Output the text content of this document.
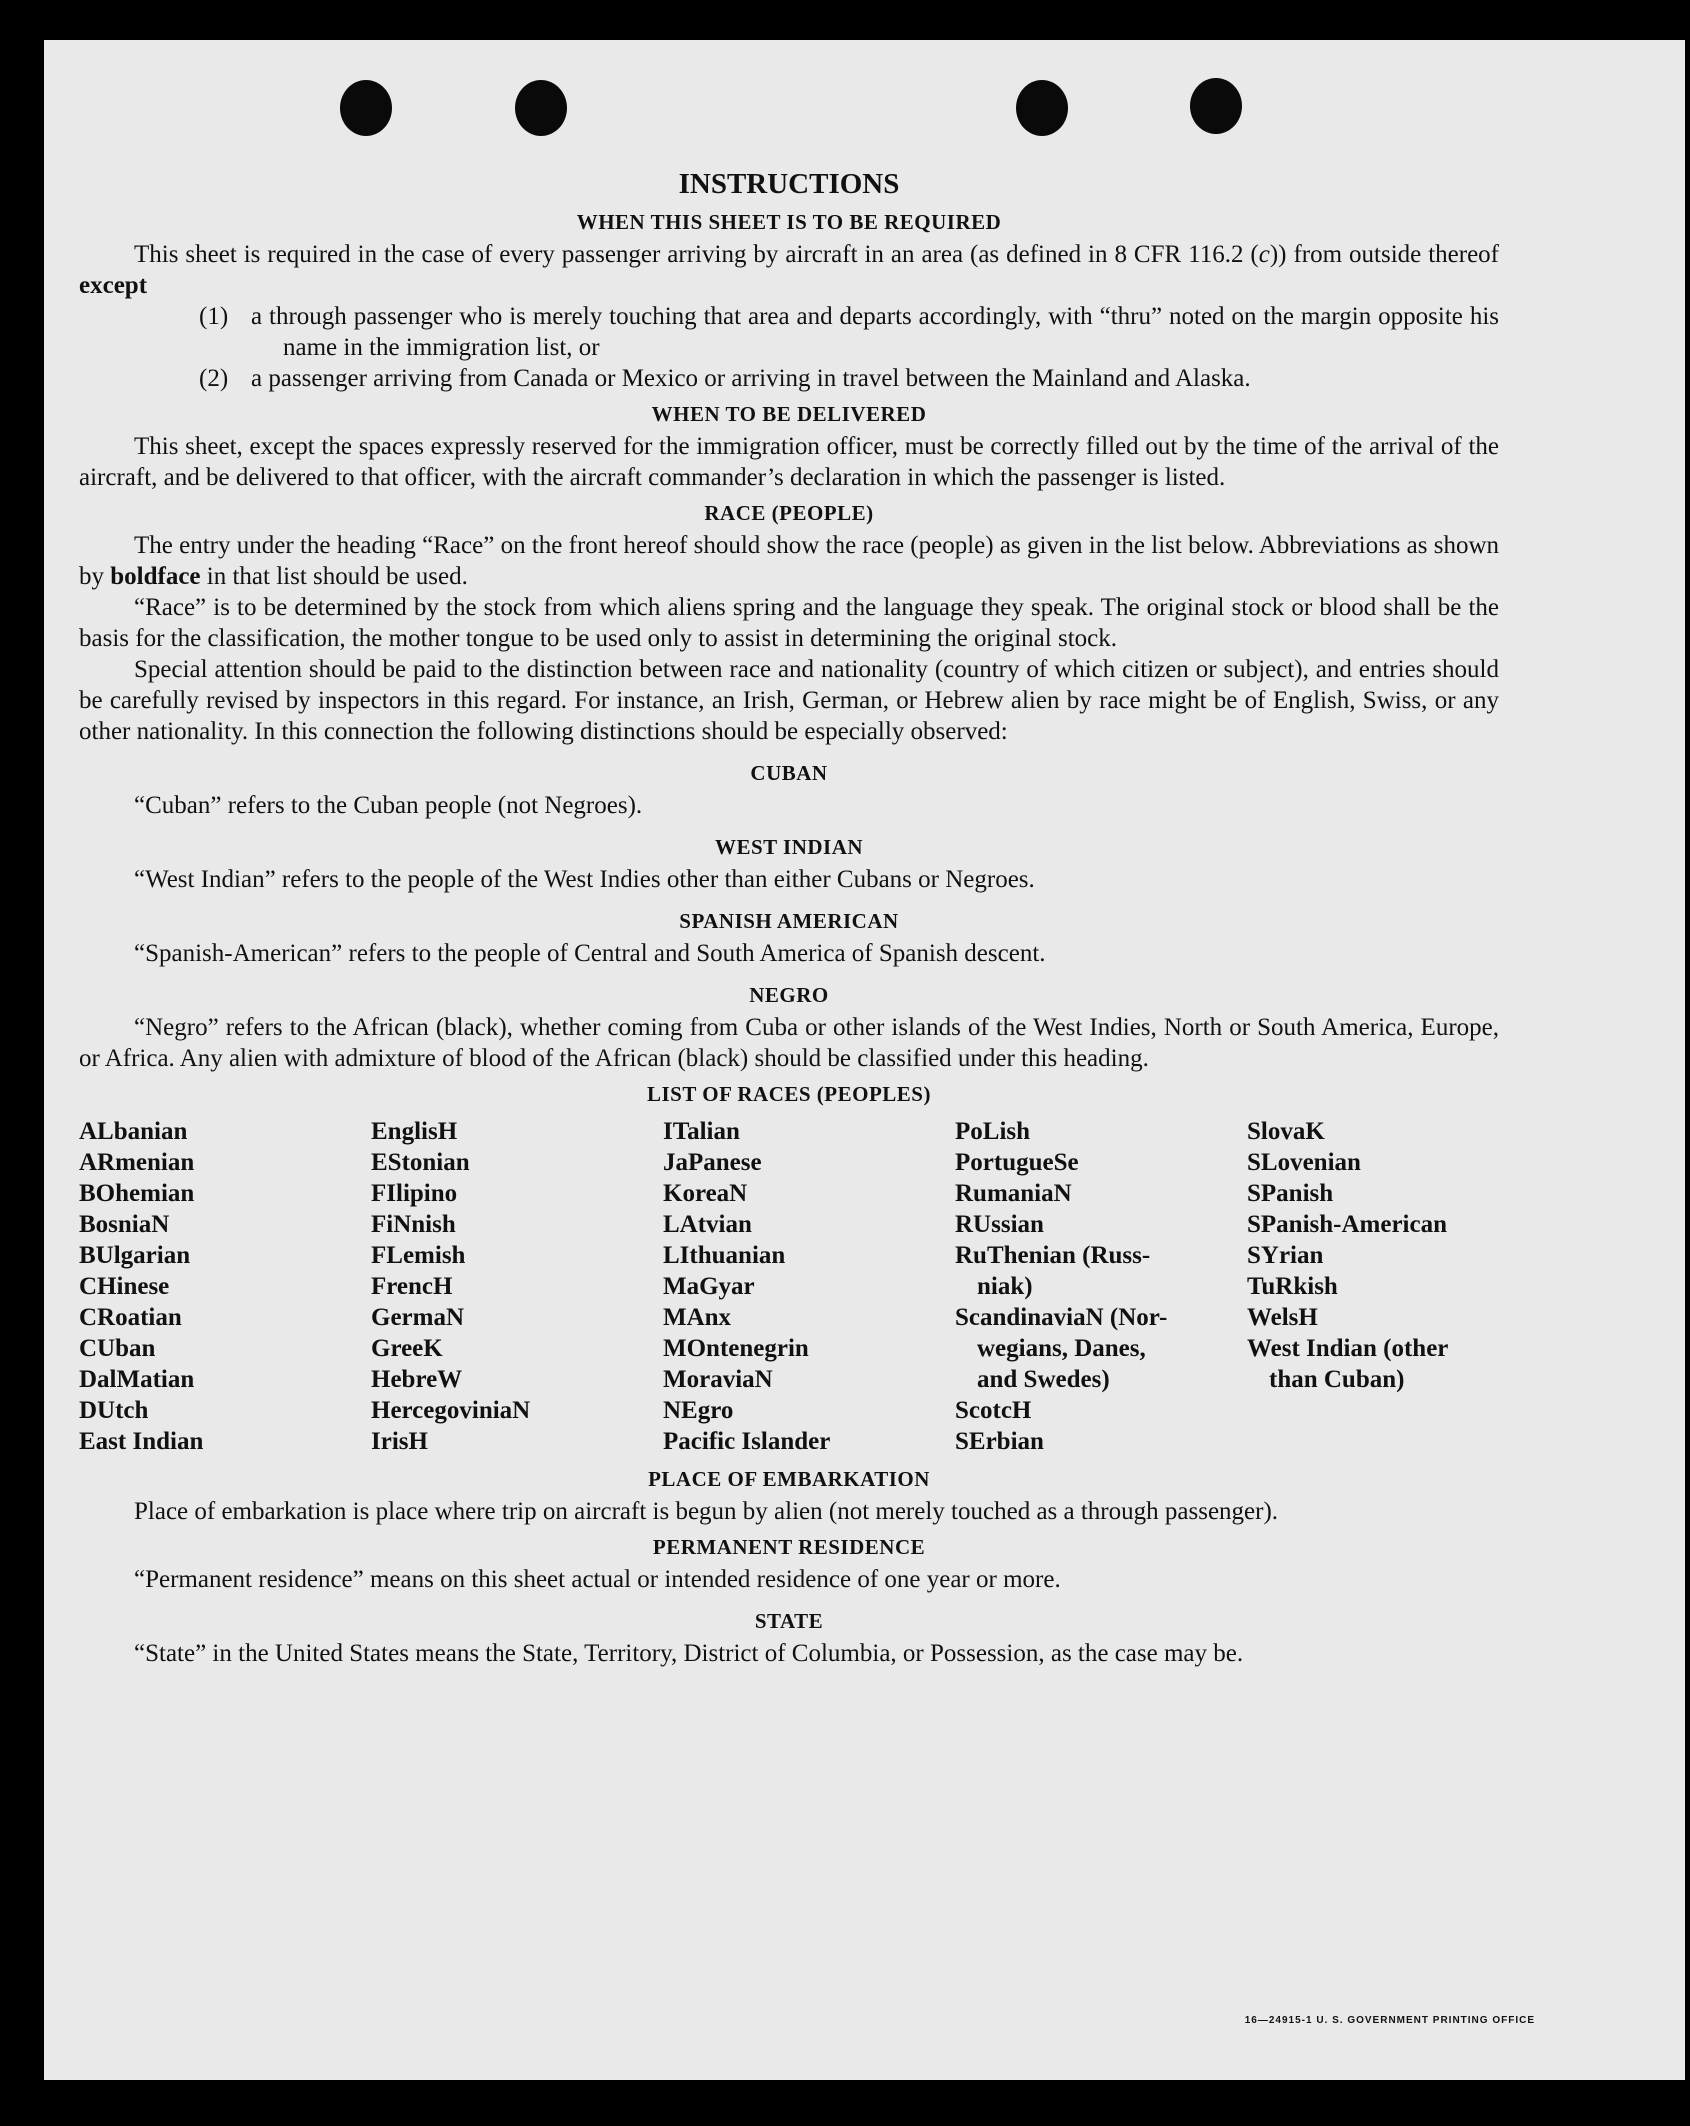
INSTRUCTIONS
WHEN THIS SHEET IS TO BE REQUIRED

This sheet is required in the case of every passenger arriving by aircraft in an area (as defined in 8 CFR 116.2 (c)) from outside thereof except

(1) a through passenger who is merely touching that area and departs accordingly, with “thru” noted on the margin opposite his name in the immigration list, or
(2) a passenger arriving from Canada or Mexico or arriving in travel between the Mainland and Alaska.
WHEN TO BE DELIVERED

This sheet, except the spaces expressly reserved for the immigration officer, must be correctly filled out by the time of the arrival of the aircraft, and be delivered to that officer, with the aircraft commander’s declaration in which the passenger is listed.

RACE (PEOPLE)

The entry under the heading “Race” on the front hereof should show the race (people) as given in the list below. Abbreviations as shown by boldface in that list should be used.

“Race” is to be determined by the stock from which aliens spring and the language they speak. The original stock or blood shall be the basis for the classification, the mother tongue to be used only to assist in determining the original stock.

Special attention should be paid to the distinction between race and nationality (country of which citizen or subject), and entries should be carefully revised by inspectors in this regard. For instance, an Irish, German, or Hebrew alien by race might be of English, Swiss, or any other nationality. In this connection the following distinctions should be especially observed:

CUBAN

“Cuban” refers to the Cuban people (not Negroes).

WEST INDIAN

“West Indian” refers to the people of the West Indies other than either Cubans or Negroes.

SPANISH AMERICAN

“Spanish-American” refers to the people of Central and South America of Spanish descent.

NEGRO

“Negro” refers to the African (black), whether coming from Cuba or other islands of the West Indies, North or South America, Europe, or Africa. Any alien with admixture of blood of the African (black) should be classified under this heading.

LIST OF RACES (PEOPLES)
ALbanian
ARmenian
BOhemian
BosniaN
BUlgarian
CHinese
CRoatian
CUban
DalMatian
DUtch
East Indian
EnglisH
EStonian
FIlipino
FiNnish
FLemish
FrencH
GermaN
GreeK
HebreW
HercegoviniaN
IrisH
ITalian
JaPanese
KoreaN
LAtvian
LIthuanian
MaGyar
MAnx
MOntenegrin
MoraviaN
NEgro
Pacific Islander
PoLish
PortugueSe
RumaniaN
RUssian
RuThenian (Russ-
niak)
ScandinaviaN (Nor-
wegians, Danes,
and Swedes)
ScotcH
SErbian
SlovaK
SLovenian
SPanish
SPanish-American
SYrian
TuRkish
WelsH
West Indian (other
than Cuban)
PLACE OF EMBARKATION

Place of embarkation is place where trip on aircraft is begun by alien (not merely touched as a through passenger).

PERMANENT RESIDENCE

“Permanent residence” means on this sheet actual or intended residence of one year or more.

STATE

“State” in the United States means the State, Territory, District of Columbia, or Possession, as the case may be.

16—24915-1 U. S. GOVERNMENT PRINTING OFFICE
